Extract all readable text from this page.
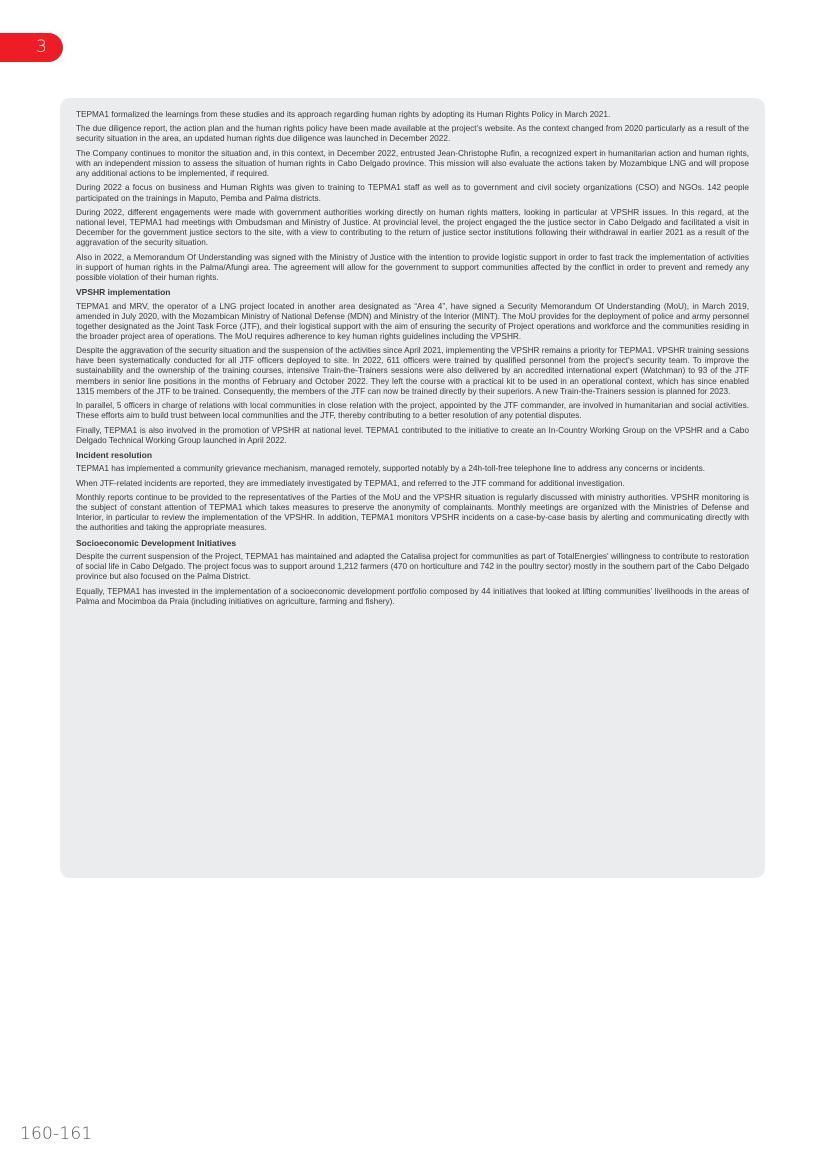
3

TEPMA1 formalized the learnings from these studies and its approach regarding human rights by adopting its Human Rights Policy in March 2021.

The due diligence report, the action plan and the human rights policy have been made available at the project’s website. As the context changed from 2020 particularly as a result of the security situation in the area, an updated human rights due diligence was launched in December 2022.

The Company continues to monitor the situation and, in this context, in December 2022, entrusted Jean-Christophe Rufin, a recognized expert in humanitarian action and human rights, with an independent mission to assess the situation of human rights in Cabo Delgado province. This mission will also evaluate the actions taken by Mozambique LNG and will propose any additional actions to be implemented, if required.

During 2022 a focus on business and Human Rights was given to training to TEPMA1 staff as well as to government and civil society organizations (CSO) and NGOs. 142 people participated on the trainings in Maputo, Pemba and Palma districts.

During 2022, different engagements were made with government authorities working directly on human rights matters, looking in particular at VPSHR issues. In this regard, at the national level, TEPMA1 had meetings with Ombudsman and Ministry of Justice. At provincial level, the project engaged the the justice sector in Cabo Delgado and facilitated a visit in December for the government justice sectors to the site, with a view to contributing to the return of justice sector institutions following their withdrawal in earlier 2021 as a result of the aggravation of the security situation.

Also in 2022, a Memorandum Of Understanding was signed with the Ministry of Justice with the intention to provide logistic support in order to fast track the implementation of activities in support of human rights in the Palma/Afungi area. The agreement will allow for the government to support communities affected by the conflict in order to prevent and remedy any possible violation of their human rights.

VPSHR implementation

TEPMA1 and MRV, the operator of a LNG project located in another area designated as “Area 4”, have signed a Security Memorandum Of Understanding (MoU), in March 2019, amended in July 2020, with the Mozambican Ministry of National Defense (MDN) and Ministry of the Interior (MINT). The MoU provides for the deployment of police and army personnel together designated as the Joint Task Force (JTF), and their logistical support with the aim of ensuring the security of Project operations and workforce and the communities residing in the broader project area of operations. The MoU requires adherence to key human rights guidelines including the VPSHR.

Despite the aggravation of the security situation and the suspension of the activities since April 2021, implementing the VPSHR remains a priority for TEPMA1. VPSHR training sessions have been systematically conducted for all JTF officers deployed to site. In 2022, 611 officers were trained by qualified personnel from the project's security team. To improve the sustainability and the ownership of the training courses, intensive Train-the-Trainers sessions were also delivered by an accredited international expert (Watchman) to 93 of the JTF members in senior line positions in the months of February and October 2022. They left the course with a practical kit to be used in an operational context, which has since enabled 1315 members of the JTF to be trained. Consequently, the members of the JTF can now be trained directly by their superiors. A new Train-the-Trainers session is planned for 2023.

In parallel, 5 officers in charge of relations with local communities in close relation with the project, appointed by the JTF commander, are involved in humanitarian and social activities. These efforts aim to build trust between local communities and the JTF, thereby contributing to a better resolution of any potential disputes.

Finally, TEPMA1 is also involved in the promotion of VPSHR at national level. TEPMA1 contributed to the initiative to create an In-Country Working Group on the VPSHR and a Cabo Delgado Technical Working Group launched in April 2022.

Incident resolution

TEPMA1 has implemented a community grievance mechanism, managed remotely, supported notably by a 24h-toll-free telephone line to address any concerns or incidents.

When JTF-related incidents are reported, they are immediately investigated by TEPMA1, and referred to the JTF command for additional investigation.

Monthly reports continue to be provided to the representatives of the Parties of the MoU and the VPSHR situation is regularly discussed with ministry authorities. VPSHR monitoring is the subject of constant attention of TEPMA1 which takes measures to preserve the anonymity of complainants. Monthly meetings are organized with the Ministries of Defense and Interior, in particular to review the implementation of the VPSHR. In addition, TEPMA1 monitors VPSHR incidents on a case-by-case basis by alerting and communicating directly with the authorities and taking the appropriate measures.

Socioeconomic Development Initiatives

Despite the current suspension of the Project, TEPMA1 has maintained and adapted the Catalisa project for communities as part of TotalEnergies' willingness to contribute to restoration of social life in Cabo Delgado. The project focus was to support around 1,212 farmers (470 on horticulture and 742 in the poultry sector) mostly in the southern part of the Cabo Delgado province but also focused on the Palma District.

Equally, TEPMA1 has invested in the implementation of a socioeconomic development portfolio composed by 44 initiatives that looked at lifting communities’ livelihoods in the areas of Palma and Mocimboa da Praia (including initiatives on agriculture, farming and fishery).

160-161
